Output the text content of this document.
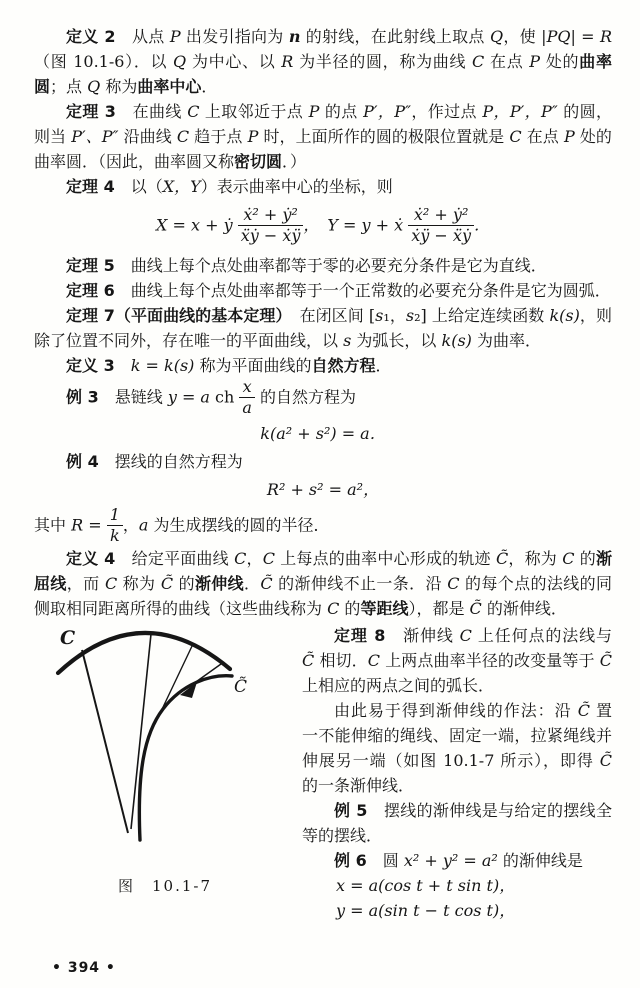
定义 2　从点 P 出发引指向为 n 的射线，在此射线上取点 Q，使 |PQ| = R（图 10.1-6）．以 Q 为中心、以 R 为半径的圆，称为曲线 C 在点 P 处的曲率圆；点 Q 称为曲率中心．

定理 3　在曲线 C 上取邻近于点 P 的点 P′，P″，作过点 P，P′，P″ 的圆，则当 P′、P″ 沿曲线 C 趋于点 P 时，上面所作的圆的极限位置就是 C 在点 P 处的曲率圆．（因此，曲率圆又称密切圆．）

定理 4　以（X，Y）表示曲率中心的坐标，则

X = x + ẏ $\frac{\text{ẋ² + ẏ²}}{\text{ẍẏ − ẋÿ}}$ ，　Y = y + ẋ $\frac{\text{ẋ² + ẏ²}}{\text{ẋÿ − ẍẏ}}$ ．

定理 5　曲线上每个点处曲率都等于零的必要充分条件是它为直线．

定理 6　曲线上每个点处曲率都等于一个正常数的必要充分条件是它为圆弧．

定理 7（平面曲线的基本定理）　在闭区间 [s₁，s₂] 上给定连续函数 k(s)，则除了位置不同外，存在唯一的平面曲线，以 s 为弧长，以 k(s) 为曲率．

定义 3　 k = k(s) 称为平面曲线的自然方程．

例 3　悬链线 y = a ch $\frac{x}{a}$ 的自然方程为

k(a² + s²) = a．

例 4　摆线的自然方程为

R² + s² = a²，

其中 $R = \frac{1}{k}$ ，a 为生成摆线的圆的半径．

定义 4　给定平面曲线 C，C 上每点的曲率中心形成的轨迹 C̃，称为 C 的渐屈线，而 C 称为 C̃ 的渐伸线．C̃ 的渐伸线不止一条．沿 C 的每个点的法线的同侧取相同距离所得的曲线（这些曲线称为 C 的等距线），都是 C̃ 的渐伸线．

C
C̃
图　10.1-7

定理 8　渐伸线 C 上任何点的法线与 C̃ 相切．C 上两点曲率半径的改变量等于 C̃ 上相应的两点之间的弧长．

由此易于得到渐伸线的作法：沿 C̃ 置一不能伸缩的绳线、固定一端，拉紧绳线并伸展另一端（如图 10.1-7 所示），即得 C̃ 的一条渐伸线．

例 5　摆线的渐伸线是与给定的摆线全等的摆线．

例 6　圆 x² + y² = a² 的渐伸线是

x = a(cos t + t sin t)，
y = a(sin t − t cos t)，
• 394 •
